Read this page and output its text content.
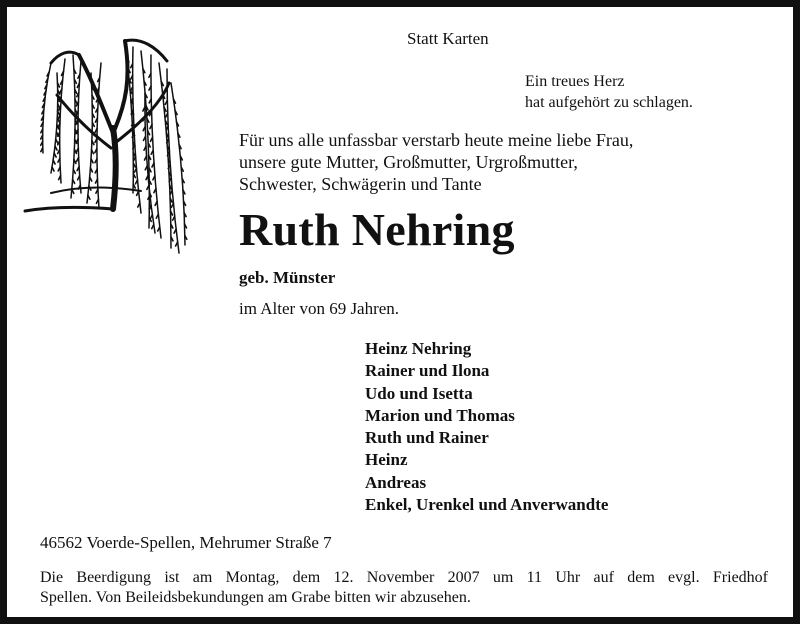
Statt Karten

Ein treues Herz
hat aufgehört zu schlagen.
Für uns alle unfassbar verstarb heute meine liebe Frau,
unsere gute Mutter, Großmutter, Urgroßmutter,
Schwester, Schwägerin und Tante
Ruth Nehring

geb. Münster

im Alter von 69 Jahren.

Heinz Nehring
Rainer und Ilona
Udo und Isetta
Marion und Thomas
Ruth und Rainer
Heinz
Andreas
Enkel, Urenkel und Anverwandte

46562 Voerde-Spellen, Mehrumer Straße 7

Die Beerdigung ist am Montag, dem 12. November 2007 um 11 Uhr auf dem evgl. Friedhof
Spellen. Von Beileidsbekundungen am Grabe bitten wir abzusehen.
